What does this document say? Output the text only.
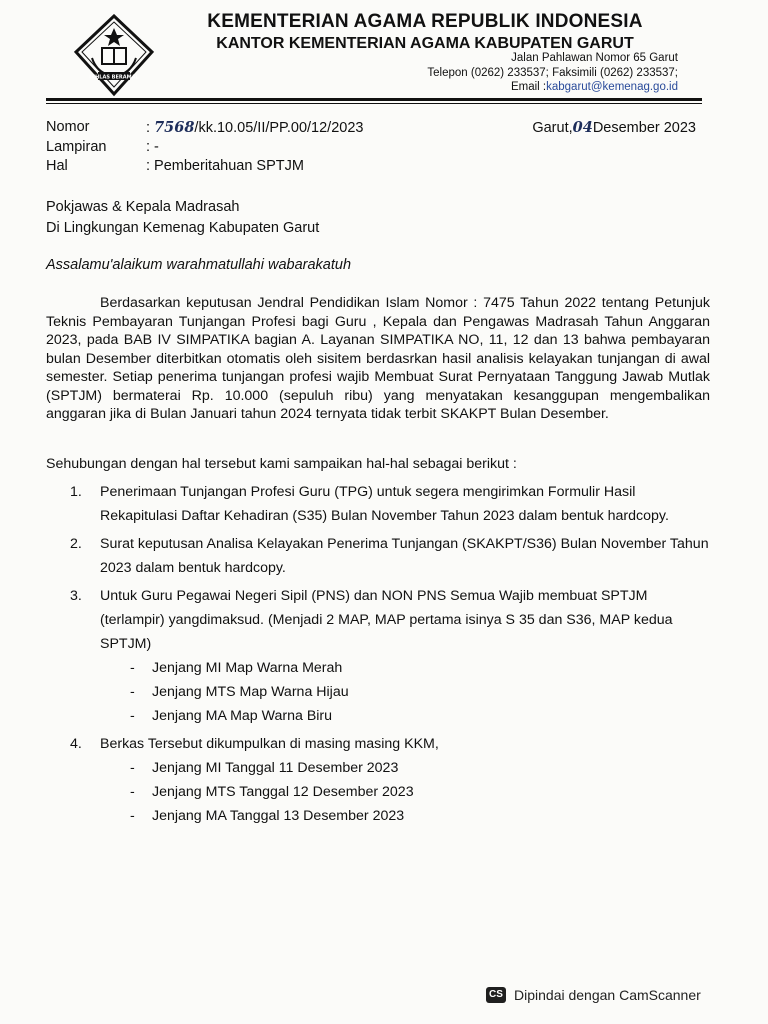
IKHLAS BERAMAL
KEMENTERIAN AGAMA REPUBLIK INDONESIA
KANTOR KEMENTERIAN AGAMA KABUPATEN GARUT
Jalan Pahlawan Nomor 65 Garut
Telepon (0262) 233537; Faksimili (0262) 233537;
Email :kabgarut@kemenag.go.id
Nomor	: 7568/kk.10.05/II/PP.00/12/2023
Lampiran	: -
Hal	: Pemberitahuan SPTJM
Garut,04Desember 2023
Pokjawas & Kepala Madrasah
Di Lingkungan Kemenag Kabupaten Garut
Assalamu'alaikum warahmatullahi wabarakatuh

Berdasarkan keputusan Jendral Pendidikan Islam Nomor : 7475 Tahun 2022 tentang Petunjuk Teknis Pembayaran Tunjangan Profesi bagi Guru , Kepala dan Pengawas Madrasah Tahun Anggaran 2023, pada BAB IV SIMPATIKA bagian A. Layanan SIMPATIKA NO, 11, 12 dan 13 bahwa pembayaran bulan Desember diterbitkan otomatis oleh sisitem berdasrkan hasil analisis kelayakan tunjangan di awal semester. Setiap penerima tunjangan profesi wajib Membuat Surat Pernyataan Tanggung Jawab Mutlak (SPTJM) bermaterai Rp. 10.000 (sepuluh ribu) yang menyatakan kesanggupan mengembalikan anggaran jika di Bulan Januari tahun 2024 ternyata tidak terbit SKAKPT Bulan Desember.

Sehubungan dengan hal tersebut kami sampaikan hal-hal sebagai berikut :
1.	Penerimaan Tunjangan Profesi Guru (TPG) untuk segera mengirimkan Formulir Hasil Rekapitulasi Daftar Kehadiran (S35) Bulan November Tahun 2023 dalam bentuk hardcopy.
2.	Surat keputusan Analisa Kelayakan Penerima Tunjangan (SKAKPT/S36) Bulan November Tahun 2023 dalam bentuk hardcopy.
3.	Untuk Guru Pegawai Negeri Sipil (PNS) dan NON PNS Semua Wajib membuat SPTJM (terlampir) yangdimaksud. (Menjadi 2 MAP, MAP pertama isinya S 35 dan S36, MAP kedua SPTJM)
-	Jenjang MI Map Warna Merah
-	Jenjang MTS Map Warna Hijau
-	Jenjang MA Map Warna Biru
4.	Berkas Tersebut dikumpulkan di masing masing KKM,
-	Jenjang MI Tanggal 11 Desember 2023
-	Jenjang MTS Tanggal 12 Desember 2023
-	Jenjang MA Tanggal 13 Desember 2023
CS Dipindai dengan CamScanner
